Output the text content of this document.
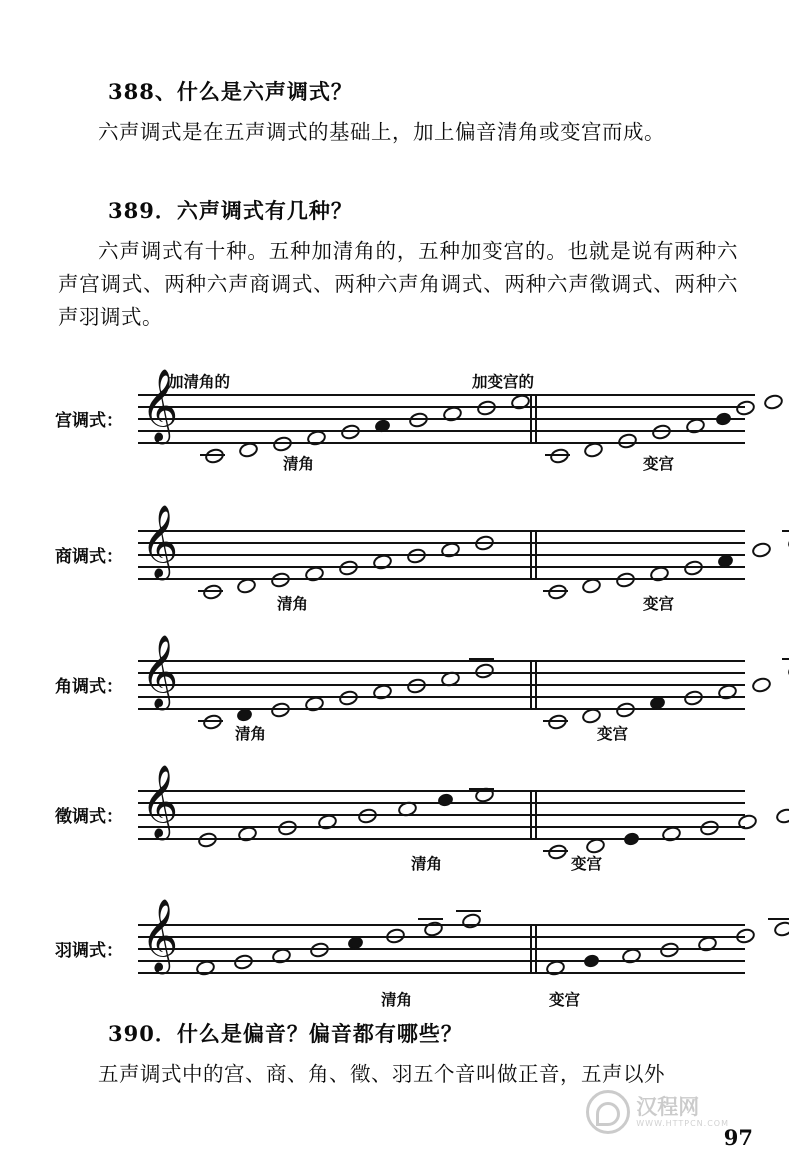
388、什么是六声调式？
六声调式是在五声调式的基础上，加上偏音清角或变宫而成。
389．六声调式有几种？
六声调式有十种。五种加清角的，五种加变宫的。也就是说有两种六声宫调式、两种六声商调式、两种六声角调式、两种六声徵调式、两种六声羽调式。
加清角的	加变宫的
宫调式： 𝄞
清角	变宫
商调式： 𝄞
清角	变宫
角调式： 𝄞
清角	变宫
徵调式： 𝄞
清角	变宫
羽调式： 𝄞
清角	变宫
390．什么是偏音？偏音都有哪些？
五声调式中的宫、商、角、徵、羽五个音叫做正音，五声以外
汉程网
WWW.HTTPCN.COM
97
